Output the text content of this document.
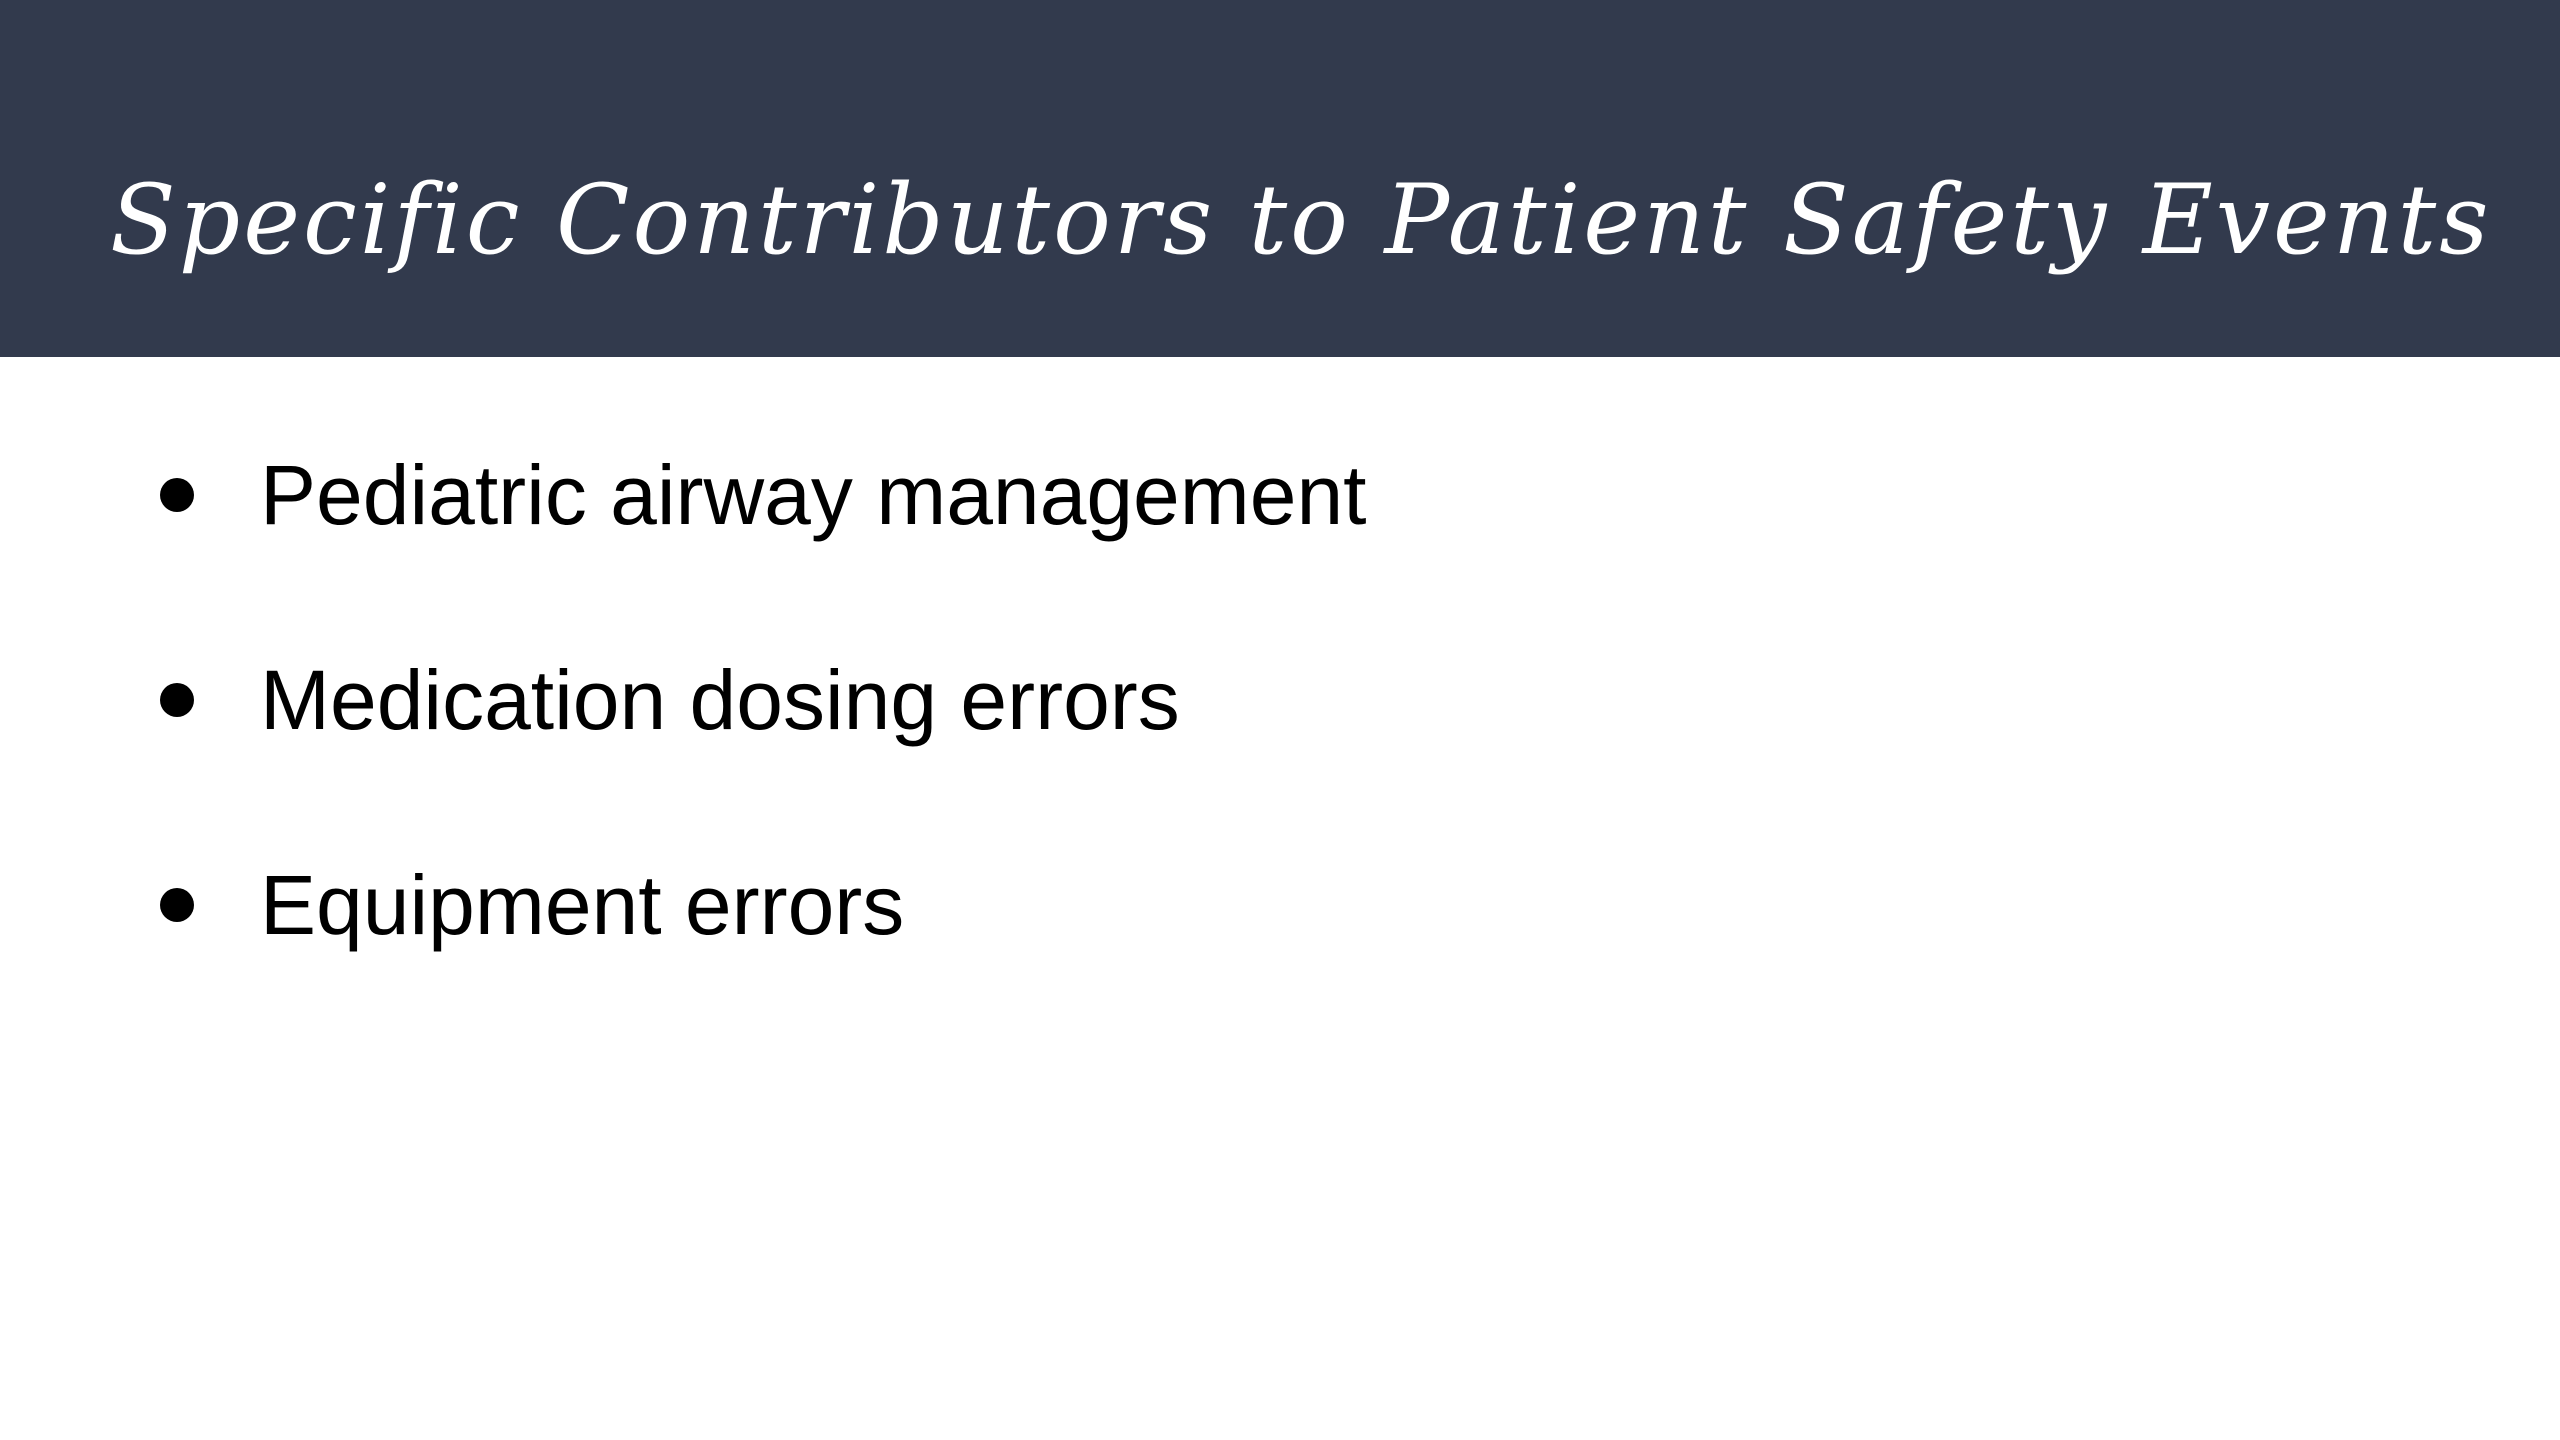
Specific Contributors to Patient Safety Events
Pediatric airway management
Medication dosing errors
Equipment errors
